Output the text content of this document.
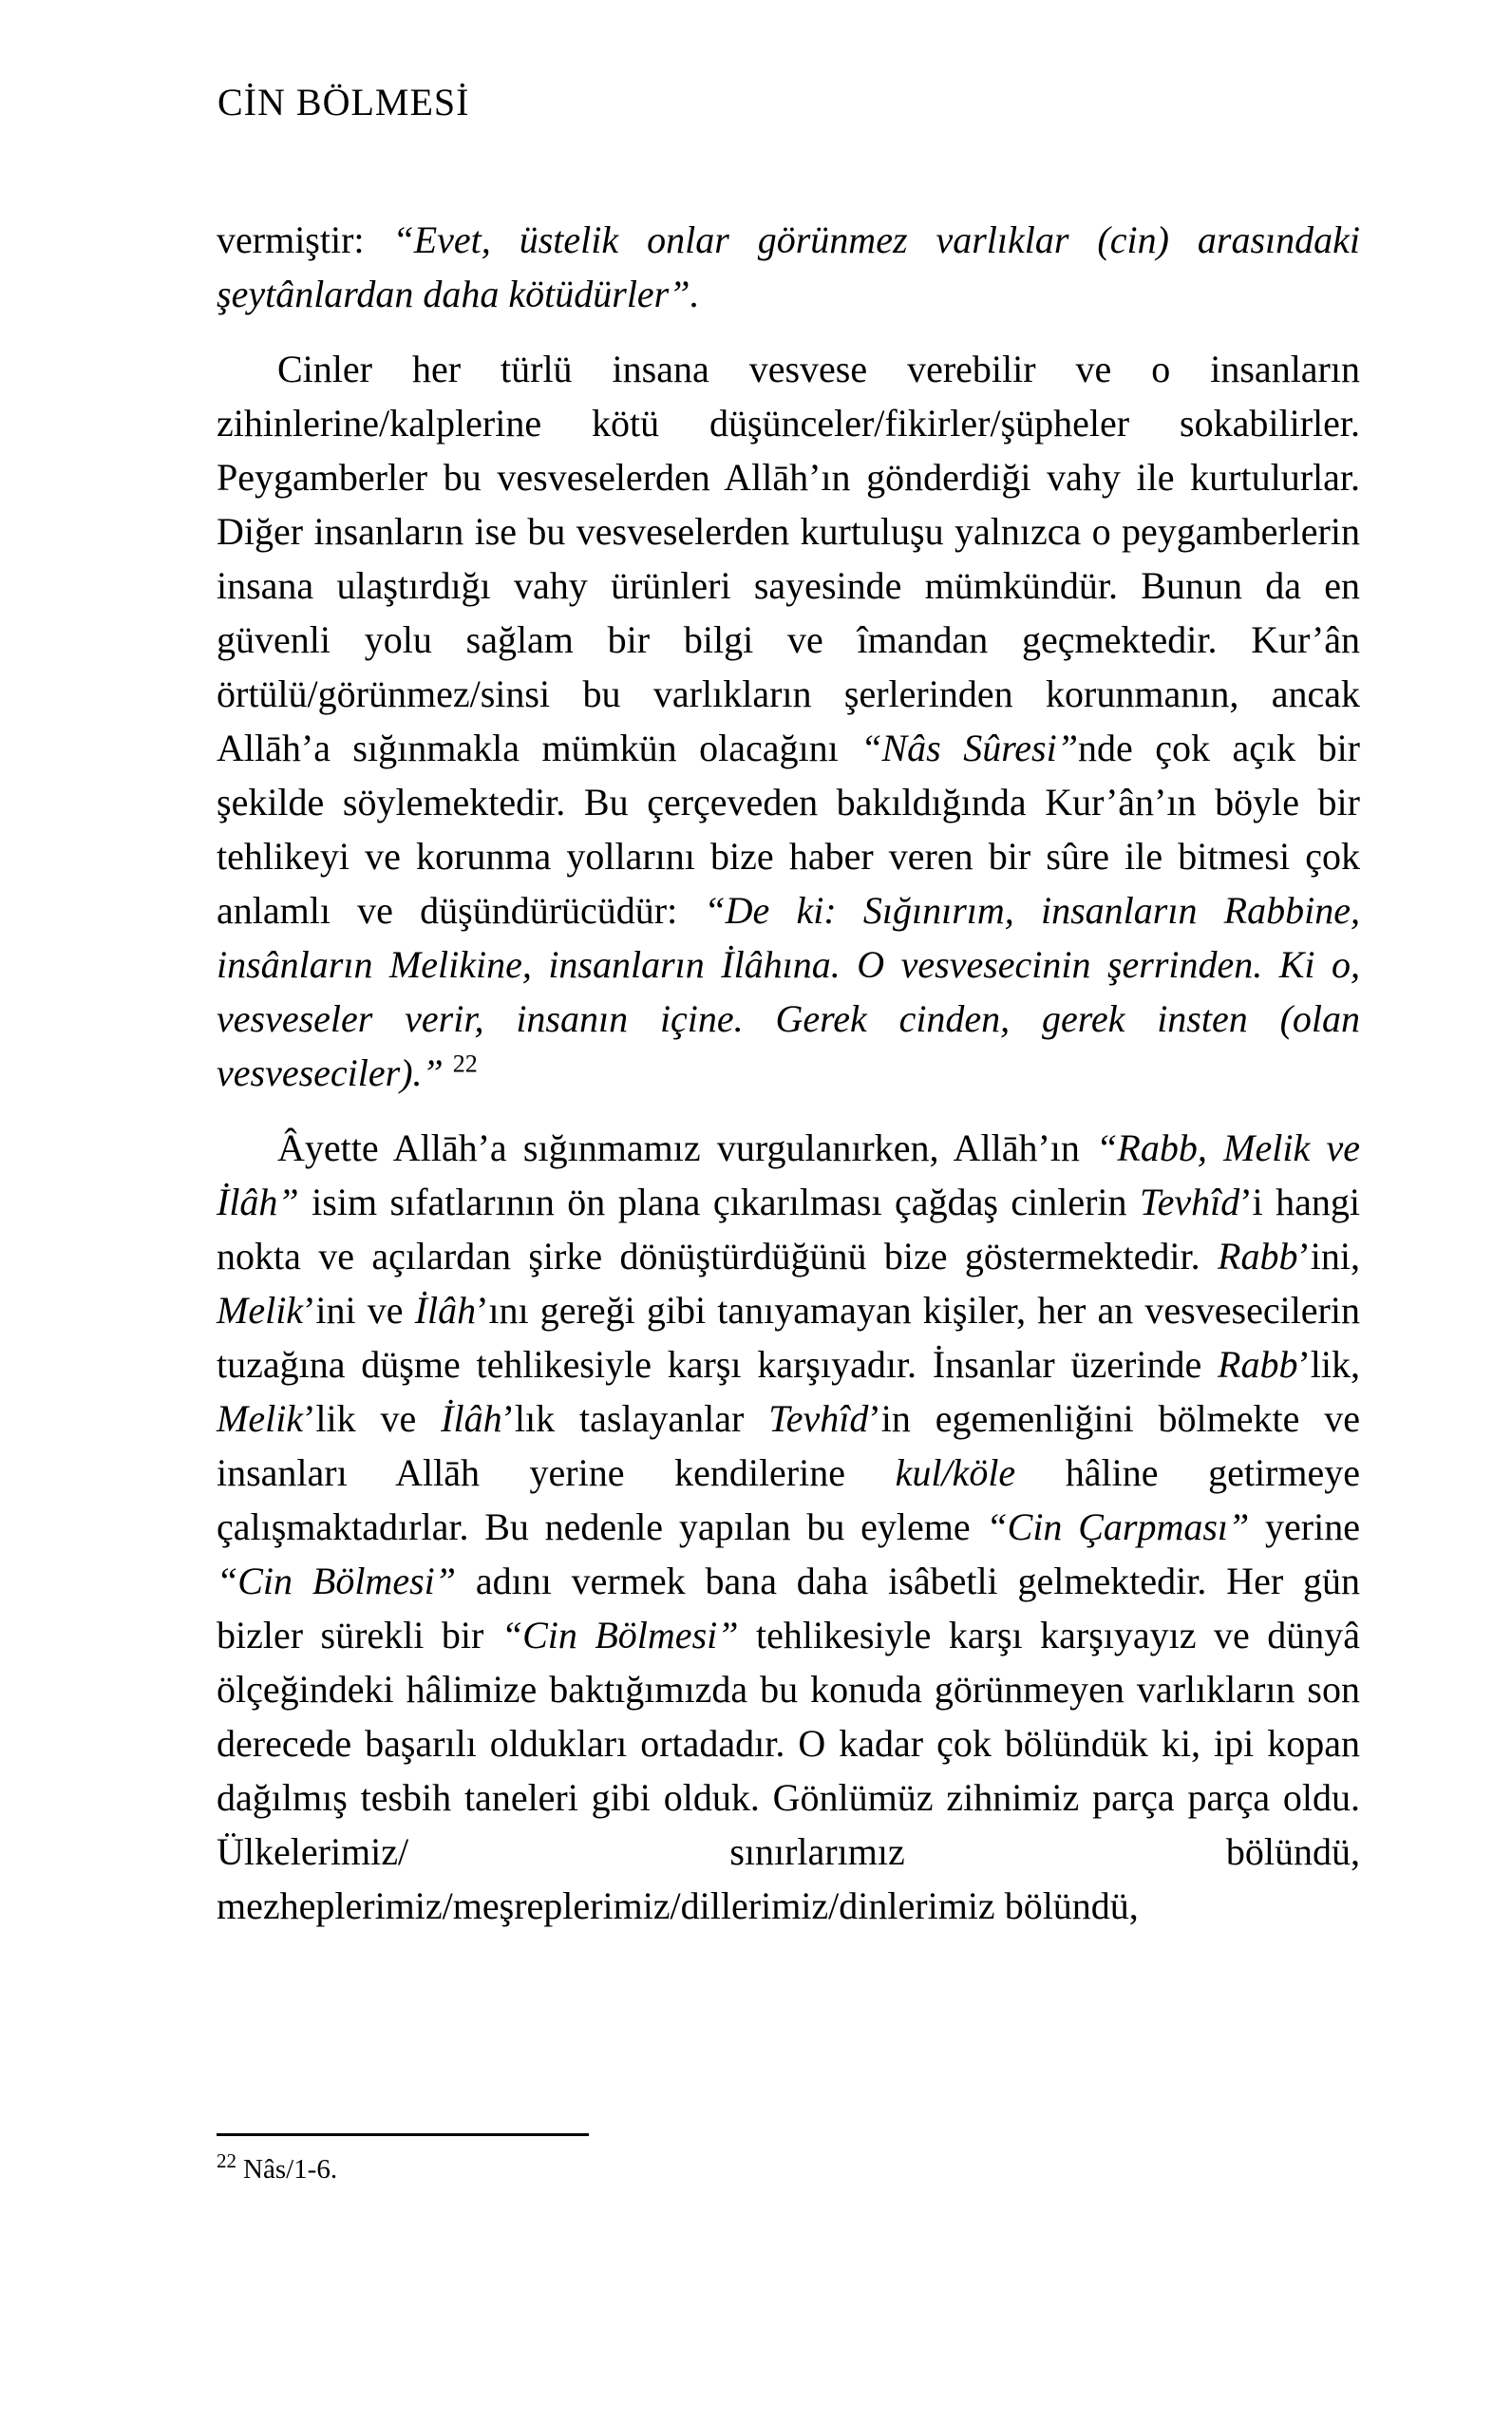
CİN BÖLMESİ

vermiştir: “Evet, üstelik onlar görünmez varlıklar (cin) arasındaki şeytânlardan daha kötüdürler”.

Cinler her türlü insana vesvese verebilir ve o insanların zihinlerine/kalplerine kötü düşünceler/fikirler/şüpheler sokabilirler. Peygamberler bu vesveselerden Allāh’ın gönderdiği vahy ile kurtulurlar. Diğer insanların ise bu vesveselerden kurtuluşu yalnızca o peygamberlerin insana ulaştırdığı vahy ürünleri sayesinde mümkündür. Bunun da en güvenli yolu sağlam bir bilgi ve îmandan geçmektedir. Kur’ân örtülü/görünmez/sinsi bu varlıkların şerlerinden korunmanın, ancak Allāh’a sığınmakla mümkün olacağını “Nâs Sûresi”nde çok açık bir şekilde söylemektedir. Bu çerçeveden bakıldığında Kur’ân’ın böyle bir tehlikeyi ve korunma yollarını bize haber veren bir sûre ile bitmesi çok anlamlı ve düşündürücüdür: “De ki: Sığınırım, insanların Rabbine, insânların Melikine, insanların İlâhına. O vesvesecinin şerrinden. Ki o, vesveseler verir, insanın içine. Gerek cinden, gerek insten (olan vesveseciler).” $^{22}$

Âyette Allāh’a sığınmamız vurgulanırken, Allāh’ın “Rabb, Melik ve İlâh” isim sıfatlarının ön plana çıkarılması çağdaş cinlerin Tevhîd’i hangi nokta ve açılardan şirke dönüştürdüğünü bize göstermektedir. Rabb’ini, Melik’ini ve İlâh’ını gereği gibi tanıyamayan kişiler, her an vesvesecilerin tuzağına düşme tehlikesiyle karşı karşıyadır. İnsanlar üzerinde Rabb’lik, Melik’lik ve İlâh’lık taslayanlar Tevhîd’in egemenliğini bölmekte ve insanları Allāh yerine kendilerine kul/köle hâline getirmeye çalışmaktadırlar. Bu nedenle yapılan bu eyleme “Cin Çarpması” yerine “Cin Bölmesi” adını vermek bana daha isâbetli gelmektedir. Her gün bizler sürekli bir “Cin Bölmesi” tehlikesiyle karşı karşıyayız ve dünyâ ölçeğindeki hâlimize baktığımızda bu konuda görünmeyen varlıkların son derecede başarılı oldukları ortadadır. O kadar çok bölündük ki, ipi kopan dağılmış tesbih taneleri gibi olduk. Gönlümüz zihnimiz parça parça oldu. Ülkelerimiz/ sınırlarımız bölündü, mezheplerimiz/meşreplerimiz/dillerimiz/dinlerimiz bölündü,

$^{22}$ Nâs/1-6.
